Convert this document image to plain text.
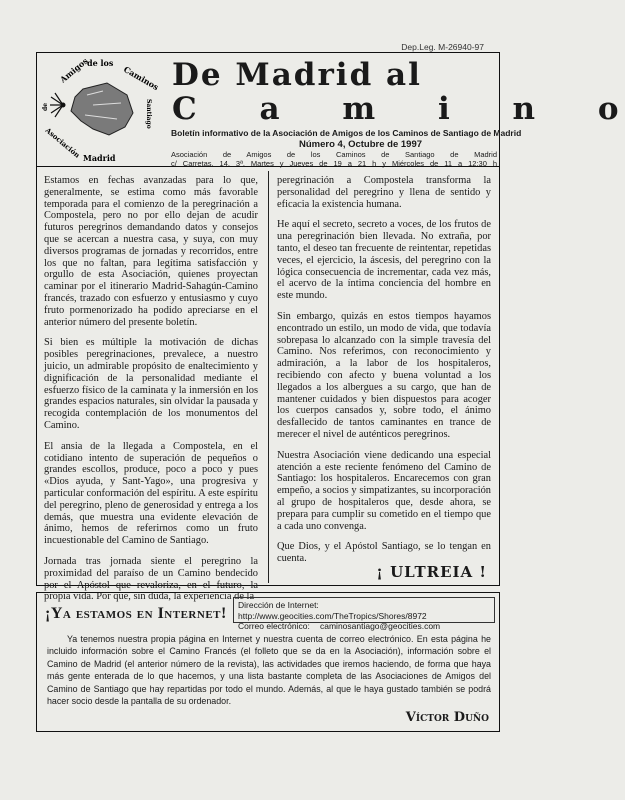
Dep.Leg. M-26940-97
Amigos
de los
Caminos
Asociación Madrid
de	Santiago
De Madrid al
C a m i n o
Boletín informativo de la Asociación de Amigos de los Caminos de Santiago de Madrid
Número 4, Octubre de 1997
Asociación de Amigos de los Caminos de Santiago de Madrid
c/ Carretas, 14, 3ª. Martes y Jueves de 19 a 21 h y Miércoles de 11 a 12:30 h

Estamos en fechas avanzadas para lo que, generalmente, se estima como más favorable temporada para el comienzo de la peregrinación a Compostela, pero no por ello dejan de acudir futuros peregrinos demandando datos y consejos que se acercan a nuestra casa, y suya, con muy diversos programas de jornadas y recorridos, entre los que no faltan, para legítima satisfacción y orgullo de esta Asociación, quienes proyectan caminar por el itinerario Madrid-Sahagún-Camino francés, trazado con esfuerzo y entusiasmo y cuyo fruto pormenorizado ha podido apreciarse en el anterior número del presente boletín.

Si bien es múltiple la motivación de dichas posibles peregrinaciones, prevalece, a nuestro juicio, un admirable propósito de enaltecimiento y dignificación de la personalidad mediante el esfuerzo físico de la caminata y la inmersión en los grandes espacios naturales, sin olvidar la pausada y recogida contemplación de los monumentos del Camino.

El ansia de la llegada a Compostela, en el cotidiano intento de superación de pequeños o grandes escollos, produce, poco a poco y pues «Dios ayuda, y Sant-Yago», una progresiva y particular conformación del espíritu. A este espíritu del peregrino, pleno de generosidad y entrega a los demás, que muestra una evidente elevación de ánimo, hemos de referirnos como un fruto incuestionable del Camino de Santiago.

Jornada tras jornada siente el peregrino la proximidad del paraíso de un Camino bendecido por el Apóstol que revaloriza, en el futuro, la propia vida. Por que, sin duda, la experiencia de la

peregrinación a Compostela transforma la personalidad del peregrino y llena de sentido y eficacia la existencia humana.

He aquí el secreto, secreto a voces, de los frutos de una peregrinación bien llevada. No extraña, por tanto, el deseo tan frecuente de reintentar, repetidas veces, el ejercicio, la áscesis, del peregrino con la lógica consecuencia de incrementar, cada vez más, el acervo de la íntima conciencia del hombre en este mundo.

Sin embargo, quizás en estos tiempos hayamos encontrado un estilo, un modo de vida, que todavía sobrepasa lo alcanzado con la simple travesía del Camino. Nos referimos, con reconocimiento y admiración, a la labor de los hospitaleros, recibiendo con afecto y buena voluntad a los llegados a los albergues a su cargo, que han de mantener cuidados y bien dispuestos para acoger los cuerpos cansados y, sobre todo, el ánimo desfallecido de tantos caminantes en trance de merecer el nivel de auténticos peregrinos.

Nuestra Asociación viene dedicando una especial atención a este reciente fenómeno del Camino de Santiago: los hospitaleros. Encarecemos con gran empeño, a socios y simpatizantes, su incorporación al grupo de hospitaleros que, desde ahora, se prepara para cumplir su cometido en el tiempo que a cada uno convenga.

Que Dios, y el Apóstol Santiago, se lo tengan en cuenta.

¡ ULTREIA !
¡Ya estamos en Internet! Dirección de Internet:http://www.geocities.com/TheTropics/Shores/8972
Correo electrónico: caminosantiago@geocities.com
Ya tenemos nuestra propia página en Internet y nuestra cuenta de correo electrónico. En esta página he incluido información sobre el Camino Francés (el folleto que se da en la Asociación), información sobre el Camino de Madrid (el anterior número de la revista), las actividades que iremos haciendo, de forma que haya más gente enterada de lo que hacemos, y una lista bastante completa de las Asociaciones de Amigos del Camino de Santiago que hay repartidas por todo el mundo. Además, al que le haya gustado también se podrá hacer socio desde la pantalla de su ordenador.
Víctor Duño
